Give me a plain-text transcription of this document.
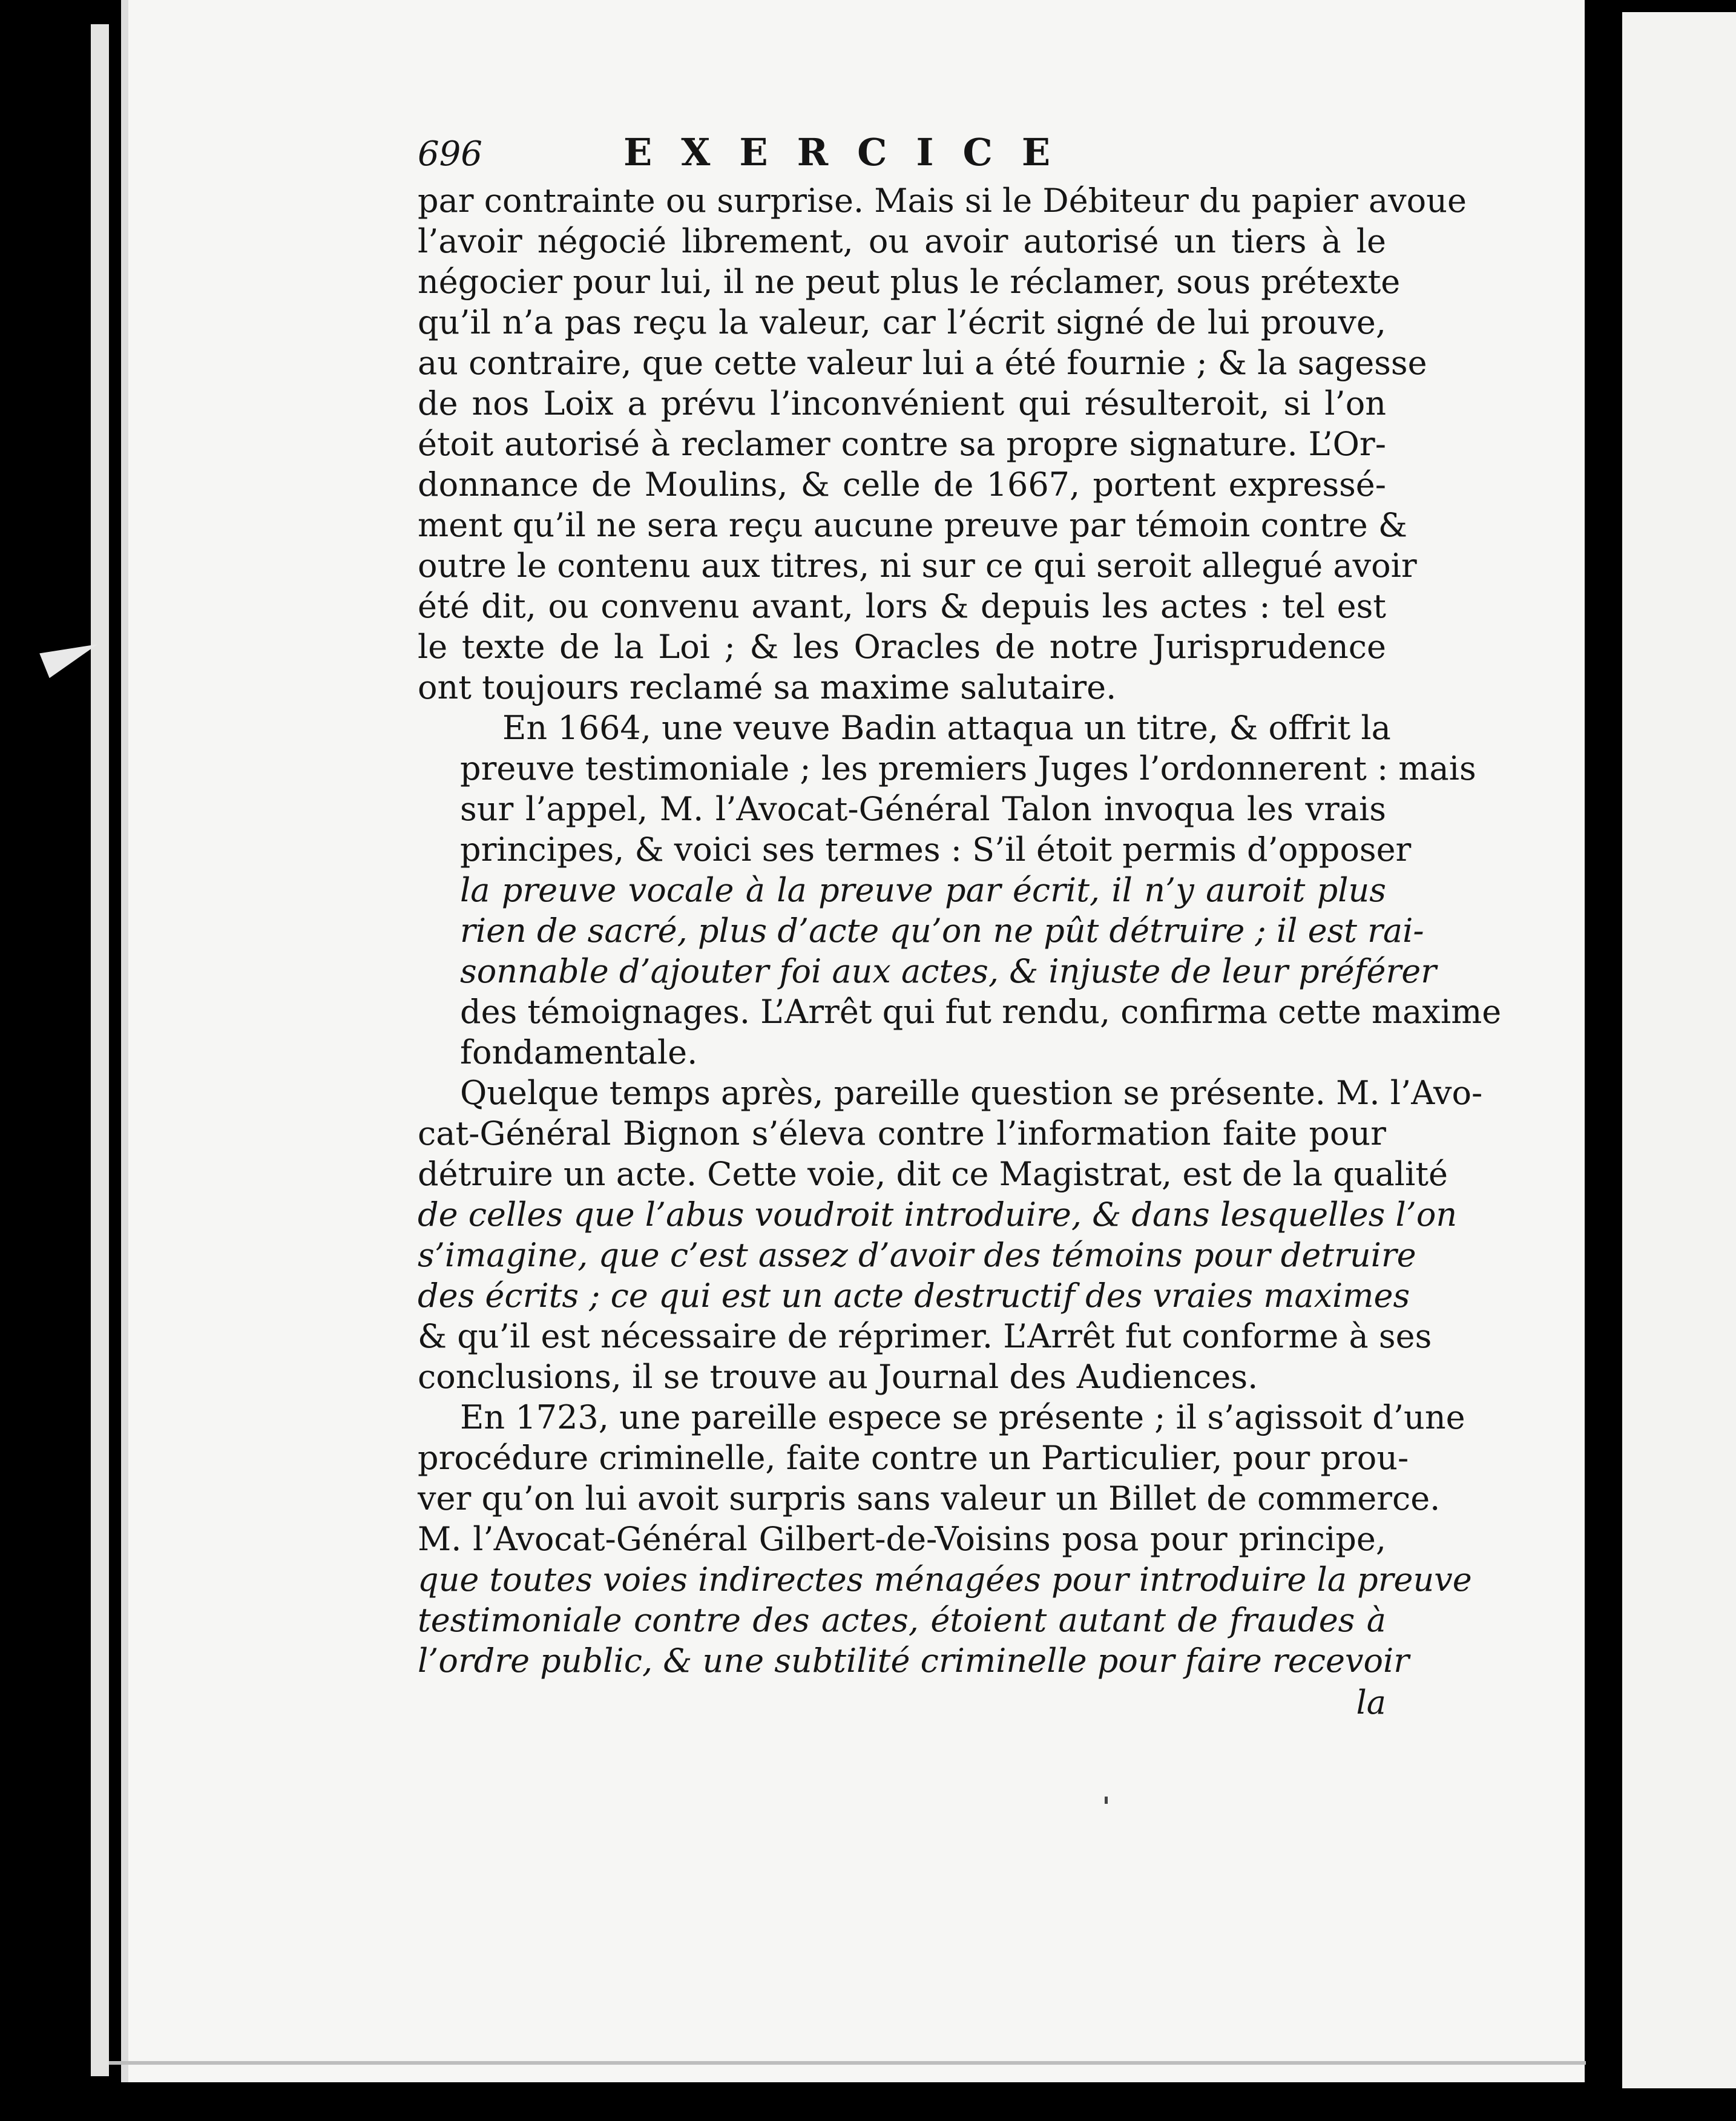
696	EXERCICE
par contrainte ou surprise. Mais si le Débiteur du papier avoue
l’avoir négocié librement, ou avoir autorisé un tiers à le
négocier pour lui, il ne peut plus le réclamer, sous prétexte
qu’il n’a pas reçu la valeur, car l’écrit signé de lui prouve,
au contraire, que cette valeur lui a été fournie ; & la sagesse
de nos Loix a prévu l’inconvénient qui résulteroit, si l’on
étoit autorisé à reclamer contre sa propre signature. L’Or-
donnance de Moulins, & celle de 1667, portent expressé-
ment qu’il ne sera reçu aucune preuve par témoin contre &
outre le contenu aux titres, ni sur ce qui seroit allegué avoir
été dit, ou convenu avant, lors & depuis les actes : tel est
le texte de la Loi ; & les Oracles de notre Jurisprudence
ont toujours reclamé sa maxime salutaire.
En 1664, une veuve Badin attaqua un titre, & offrit la
preuve testimoniale ; les premiers Juges l’ordonnerent : mais
sur l’appel, M. l’Avocat-Général Talon invoqua les vrais
principes, & voici ses termes : S’il étoit permis d’opposer
la preuve vocale à la preuve par écrit, il n’y auroit plus
rien de sacré, plus d’acte qu’on ne pût détruire ; il est rai-
sonnable d’ajouter foi aux actes, & injuste de leur préférer
des témoignages. L’Arrêt qui fut rendu, confirma cette maxime
fondamentale.
Quelque temps après, pareille question se présente. M. l’Avo-
cat-Général Bignon s’éleva contre l’information faite pour
détruire un acte. Cette voie, dit ce Magistrat, est de la qualité
de celles que l’abus voudroit introduire, & dans lesquelles l’on
s’imagine, que c’est assez d’avoir des témoins pour detruire
des écrits ; ce qui est un acte destructif des vraies maximes
& qu’il est nécessaire de réprimer. L’Arrêt fut conforme à ses
conclusions, il se trouve au Journal des Audiences.
En 1723, une pareille espece se présente ; il s’agissoit d’une
procédure criminelle, faite contre un Particulier, pour prou-
ver qu’on lui avoit surpris sans valeur un Billet de commerce.
M. l’Avocat-Général Gilbert-de-Voisins posa pour principe,
que toutes voies indirectes ménagées pour introduire la preuve
testimoniale contre des actes, étoient autant de fraudes à
l’ordre public, & une subtilité criminelle pour faire recevoir
la
